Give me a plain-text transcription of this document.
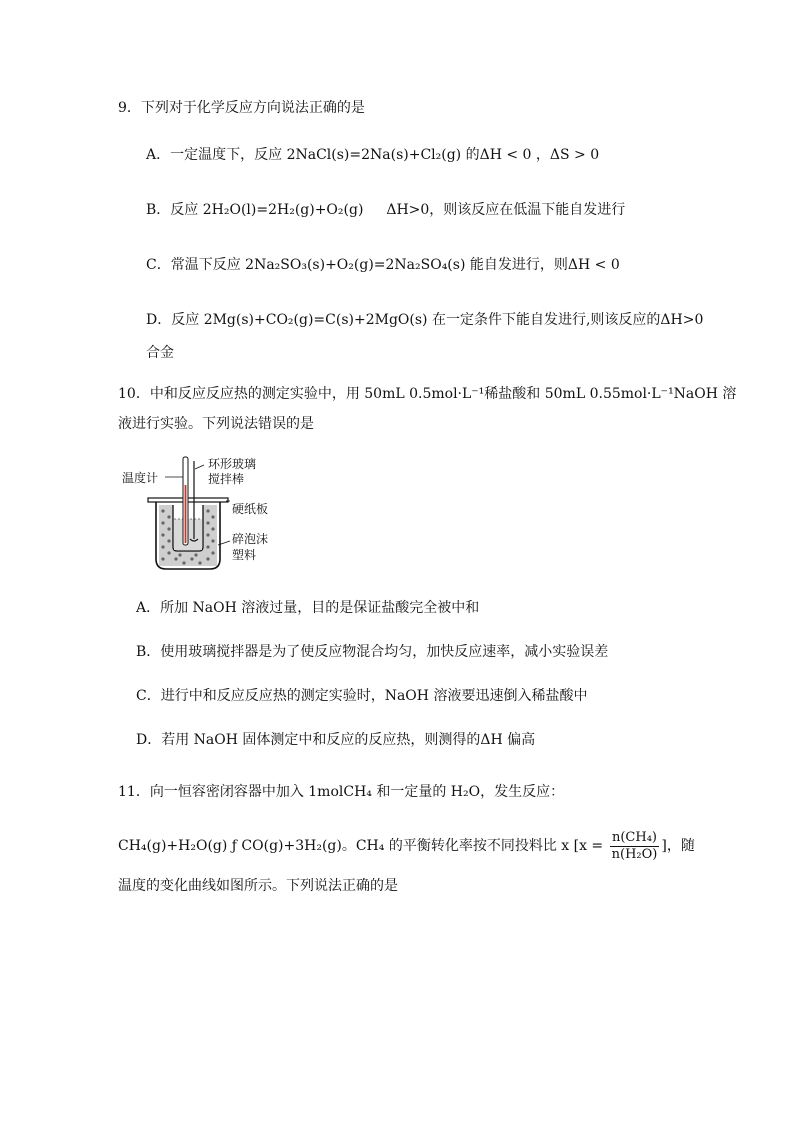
9．下列对于化学反应方向说法正确的是
A．一定温度下，反应 2NaCl(s)=2Na(s)+Cl₂(g) 的ΔH < 0 ，ΔS > 0
B．反应 2H₂O(l)=2H₂(g)+O₂(g) ΔH>0，则该反应在低温下能自发进行
C．常温下反应 2Na₂SO₃(s)+O₂(g)=2Na₂SO₄(s) 能自发进行，则ΔH < 0
D．反应 2Mg(s)+CO₂(g)=C(s)+2MgO(s) 在一定条件下能自发进行,则该反应的ΔH>0
合金
10．中和反应反应热的测定实验中，用 50mL 0.5mol·L⁻¹稀盐酸和 50mL 0.55mol·L⁻¹NaOH 溶
液进行实验。下列说法错误的是
温度计
环形玻璃
搅拌棒
硬纸板
碎泡沫
塑料
A．所加 NaOH 溶液过量，目的是保证盐酸完全被中和
B．使用玻璃搅拌器是为了使反应物混合均匀，加快反应速率，减小实验误差
C．进行中和反应反应热的测定实验时，NaOH 溶液要迅速倒入稀盐酸中
D．若用 NaOH 固体测定中和反应的反应热，则测得的ΔH 偏高
11．向一恒容密闭容器中加入 1molCH₄ 和一定量的 H₂O，发生反应：
CH₄(g)+H₂O(g) ƒ CO(g)+3H₂(g)。CH₄ 的平衡转化率按不同投料比 x [$x = \frac{\text{n(CH₄)}}{\text{n(H₂O)}}$ ]，随
温度的变化曲线如图所示。下列说法正确的是
